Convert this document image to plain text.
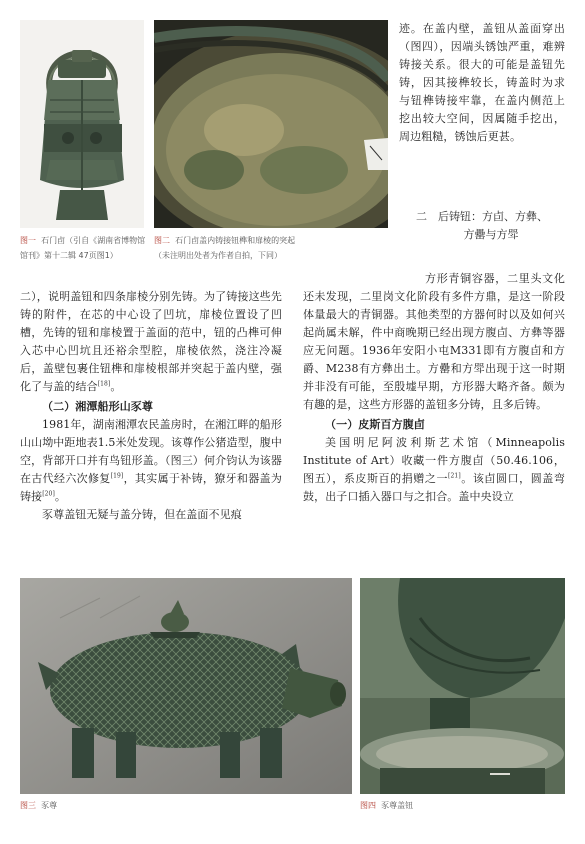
迹。在盖内壁，盖钮从盖面穿出（图四），因端头锈蚀严重，难辨铸接关系。很大的可能是盖钮先铸，因其接榫较长，铸盖时为求与钮榫铸接牢靠，在盖内侧范上挖出较大空间，因属随手挖出，周边粗糙，锈蚀后更甚。

二　后铸钮：方卣、方彝、
方罍与方斝
图一 石门卣（引自《湖南省博物馆馆刊》第十二辑 47页图1）
图二 石门卣盖内铸接钮榫和扉棱的突起
（未注明出处者为作者自拍，下同）

二），说明盖钮和四条扉棱分别先铸。为了铸接这些先铸的附件，在芯的中心设了凹坑，扉棱位置设了凹槽，先铸的钮和扉棱置于盖面的范中，钮的凸榫可伸入芯中心凹坑且还裕余型腔，扉棱依然，浇注冷凝后，盖壁包裹住钮榫和扉棱根部并突起于盖内壁，强化了与盖的结合[18]。

（二）湘潭船形山豕尊

1981年，湖南湘潭农民盖房时，在湘江畔的船形山山坳中距地表1.5米处发现。该尊作公猪造型，腹中空，背部开口并有鸟钮形盖。（图三）何介钧认为该器在古代经六次修复[19]，其实属于补铸，獠牙和器盖为铸接[20]。

豕尊盖钮无疑与盖分铸，但在盖面不见痕

方形青铜容器，二里头文化还未发现，二里岗文化阶段有多件方鼎，是这一阶段体量最大的青铜器。其他类型的方器何时以及如何兴起尚属未解，件中商晚期已经出现方腹卣、方彝等器应无问题。1936年安阳小屯M331即有方腹卣和方爵、M238有方彝出土。方罍和方斝出现于这一时期并非没有可能，至殷墟早期，方形器大略齐备。颇为有趣的是，这些方形器的盖钮多分铸，且多后铸。

（一）皮斯百方腹卣

美国明尼阿波利斯艺术馆（Minneapolis Institute of Art）收藏一件方腹卣（50.46.106，图五），系皮斯百的捐赠之一[21]。该卣圆口，圆盖弯鼓，出子口插入器口与之扣合。盖中央设立

图三 豕尊	图四 豕尊盖钮
